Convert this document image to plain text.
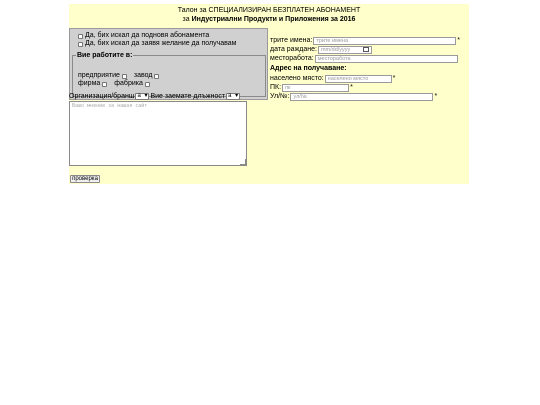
Талон за СПЕЦИАЛИЗИРАН БЕЗПЛАТЕН АБОНАМЕНТ
за Индустриални Продукти и Приложения за 2016
Да, бих искал да подновя абонамента
Да, бих искал да заявя желание да получавам
Вие работите в:
предприятие завод
фирма фабрика
Организация/бранш а ▾ Вие заемате длъжност а ▾
Вашо мнение за нашая сайт
проверка
трите имена: трите имена	*
дата раждане: mm/dd/yyyy
месторабота: месторабота
Адрес на получаване:
населено място: населено място	*
ПК: пк	*
Ул/№: ул/№	*
